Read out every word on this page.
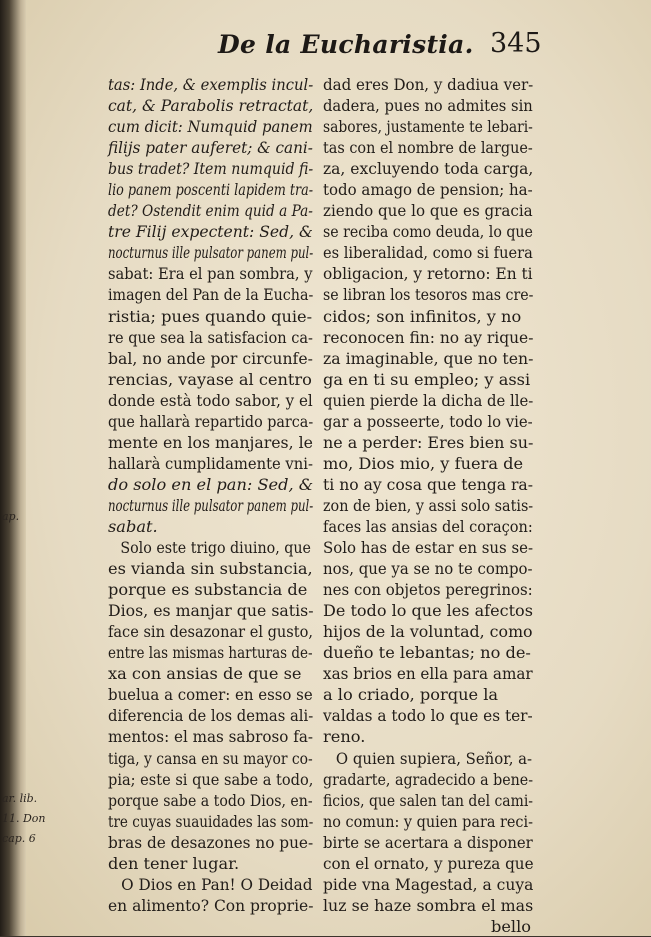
ap.
ar. lib.
11. Don
cap. 6
De la Eucharistia. 345
tas: Inde, & exemplis incul-
cat, & Parabolis retractat,
cum dicit: Numquid panem
filijs pater auferet; & cani-
bus tradet? Item numquid fi-
lio panem poscenti lapidem tra-
det? Ostendit enim quid a Pa-
tre Filij expectent: Sed, &
nocturnus ille pulsator panem pul-
sabat: Era el pan sombra, y
imagen del Pan de la Eucha-
ristia; pues quando quie-
re que sea la satisfacion ca-
bal, no ande por circunfe-
rencias, vayase al centro
donde està todo sabor, y el
que hallarà repartido parca-
mente en los manjares, le
hallarà cumplidamente vni-
do solo en el pan: Sed, &
nocturnus ille pulsator panem pul-
sabat.
Solo este trigo diuino, que
es vianda sin substancia,
porque es substancia de
Dios, es manjar que satis-
face sin desazonar el gusto,
entre las mismas harturas de-
xa con ansias de que se
buelua a comer: en esso se
diferencia de los demas ali-
mentos: el mas sabroso fa-
tiga, y cansa en su mayor co-
pia; este si que sabe a todo,
porque sabe a todo Dios, en-
tre cuyas suauidades las som-
bras de desazones no pue-
den tener lugar.
O Dios en Pan! O Deidad
en alimento? Con proprie-
dad eres Don, y dadiua ver-
dadera, pues no admites sin
sabores, justamente te lebari-
tas con el nombre de largue-
za, excluyendo toda carga,
todo amago de pension; ha-
ziendo que lo que es gracia
se reciba como deuda, lo que
es liberalidad, como si fuera
obligacion, y retorno: En ti
se libran los tesoros mas cre-
cidos; son infinitos, y no
reconocen fin: no ay rique-
za imaginable, que no ten-
ga en ti su empleo; y assi
quien pierde la dicha de lle-
gar a posseerte, todo lo vie-
ne a perder: Eres bien su-
mo, Dios mio, y fuera de
ti no ay cosa que tenga ra-
zon de bien, y assi solo satis-
faces las ansias del coraçon:
Solo has de estar en sus se-
nos, que ya se no te compo-
nes con objetos peregrinos:
De todo lo que les afectos
hijos de la voluntad, como
dueño te lebantas; no de-
xas brios en ella para amar
a lo criado, porque la
valdas a todo lo que es ter-
reno.
O quien supiera, Señor, a-
gradarte, agradecido a bene-
ficios, que salen tan del cami-
no comun: y quien para reci-
birte se acertara a disponer
con el ornato, y pureza que
pide vna Magestad, a cuya
luz se haze sombra el mas
bello
